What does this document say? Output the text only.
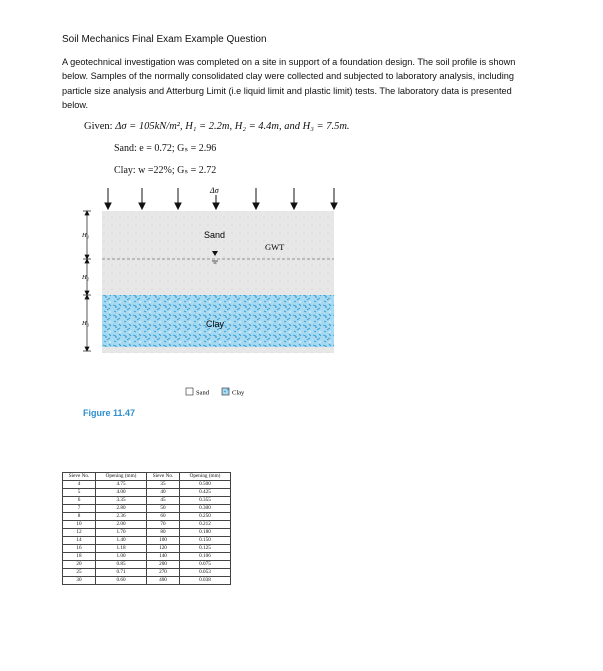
Soil Mechanics Final Exam Example Question
A geotechnical investigation was completed on a site in support of a foundation design. The soil profile is shown below. Samples of the normally consolidated clay were collected and subjected to laboratory analysis, including particle size analysis and Atterburg Limit (i.e liquid limit and plastic limit) tests. The laboratory data is presented below.
Given: Δσ = 105kN/m², H₁ = 2.2m, H₂ = 4.4m, and H₃ = 7.5m.
Sand: e = 0.72; Gₛ = 2.96
Clay: w =22%; Gₛ = 2.72
Δσ
GWT
Sand
Clay
H₁
H₂
H₃
Sand	Clay
Figure 11.47
Sieve No.	Opening (mm)	Sieve No.	Opening (mm)
4	4.75	35	0.500
5	4.00	40	0.425
6	3.35	45	0.355
7	2.80	50	0.300
8	2.36	60	0.250
10	2.00	70	0.212
12	1.70	80	0.180
14	1.40	100	0.150
16	1.18	120	0.125
18	1.00	140	0.106
20	0.85	200	0.075
25	0.71	270	0.053
30	0.60	400	0.038
